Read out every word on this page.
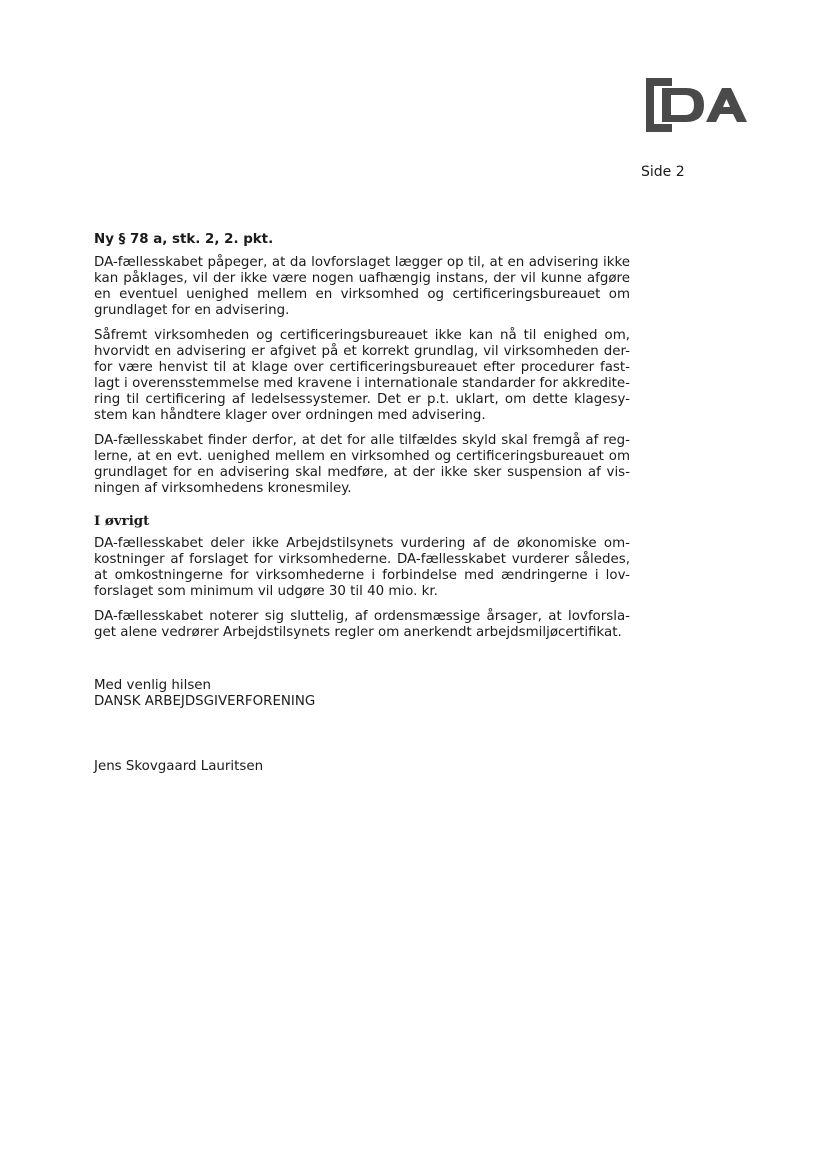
Side 2
Ny § 78 a, stk. 2, 2. pkt.
DA-fællesskabet påpeger, at da lovforslaget lægger op til, at en advisering ikke
kan påklages, vil der ikke være nogen uafhængig instans, der vil kunne afgøre
en eventuel uenighed mellem en virksomhed og certificeringsbureauet om
grundlaget for en advisering.
Såfremt virksomheden og certificeringsbureauet ikke kan nå til enighed om,
hvorvidt en advisering er afgivet på et korrekt grundlag, vil virksomheden der-
for være henvist til at klage over certificeringsbureauet efter procedurer fast-
lagt i overensstemmelse med kravene i internationale standarder for akkredite-
ring til certificering af ledelsessystemer. Det er p.t. uklart, om dette klagesy-
stem kan håndtere klager over ordningen med advisering.
DA-fællesskabet finder derfor, at det for alle tilfældes skyld skal fremgå af reg-
lerne, at en evt. uenighed mellem en virksomhed og certificeringsbureauet om
grundlaget for en advisering skal medføre, at der ikke sker suspension af vis-
ningen af virksomhedens kronesmiley.
I øvrigt
DA-fællesskabet deler ikke Arbejdstilsynets vurdering af de økonomiske om-
kostninger af forslaget for virksomhederne. DA-fællesskabet vurderer således,
at omkostningerne for virksomhederne i forbindelse med ændringerne i lov-
forslaget som minimum vil udgøre 30 til 40 mio. kr.
DA-fællesskabet noterer sig sluttelig, af ordensmæssige årsager, at lovforsla-
get alene vedrører Arbejdstilsynets regler om anerkendt arbejdsmiljøcertifikat.
Med venlig hilsen
DANSK ARBEJDSGIVERFORENING
Jens Skovgaard Lauritsen
